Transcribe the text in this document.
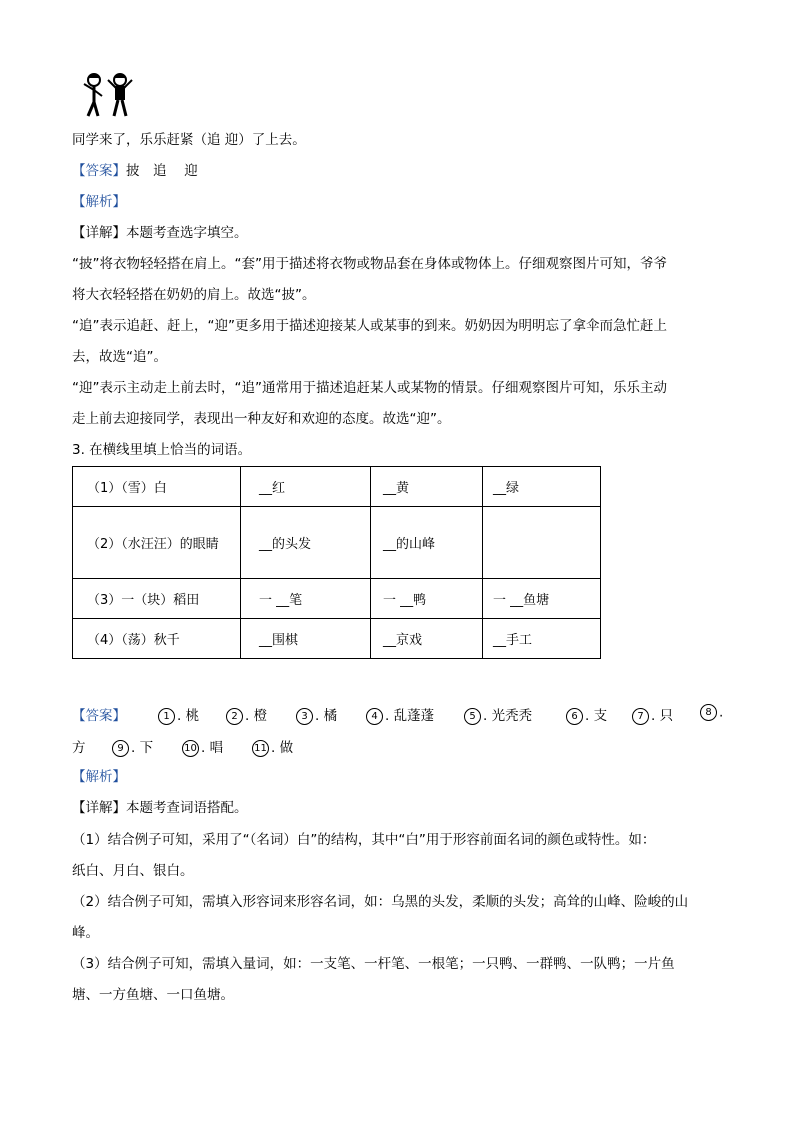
同学来了，乐乐赶紧（追 迎）了上去。
【答案】披　追　 迎
【解析】
【详解】本题考查选字填空。
“披”将衣物轻轻搭在肩上。“套”用于描述将衣物或物品套在身体或物体上。仔细观察图片可知，爷爷
将大衣轻轻搭在奶奶的肩上。故选“披”。
“追”表示追赶、赶上，“迎”更多用于描述迎接某人或某事的到来。奶奶因为明明忘了拿伞而急忙赶上
去，故选“追”。
“迎”表示主动走上前去时，“追”通常用于描述追赶某人或某物的情景。仔细观察图片可知，乐乐主动
走上前去迎接同学，表现出一种友好和欢迎的态度。故选“迎”。
3. 在横线里填上恰当的词语。
（1）（雪）白	__红	__黄	__绿
（2）（水汪汪）的眼睛	__的头发	__的山峰	
（3）一（块）稻田	一 __笔	一 __鸭	一 __鱼塘
（4）（荡）秋千	__围棋	__京戏	__手工
【答案】	1 . 桃	2 . 橙	3 . 橘	4 . 乱蓬蓬	5 . 光秃秃	6 . 支	7 . 只	8 .
方	9 . 下	10 . 唱	11 . 做
【解析】
【详解】本题考查词语搭配。
（1）结合例子可知，采用了“（名词）白”的结构，其中“白”用于形容前面名词的颜色或特性。如：
纸白、月白、银白。
（2）结合例子可知，需填入形容词来形容名词，如：乌黑的头发，柔顺的头发；高耸的山峰、险峻的山
峰。
（3）结合例子可知，需填入量词，如：一支笔、一杆笔、一根笔；一只鸭、一群鸭、一队鸭；一片鱼
塘、一方鱼塘、一口鱼塘。
